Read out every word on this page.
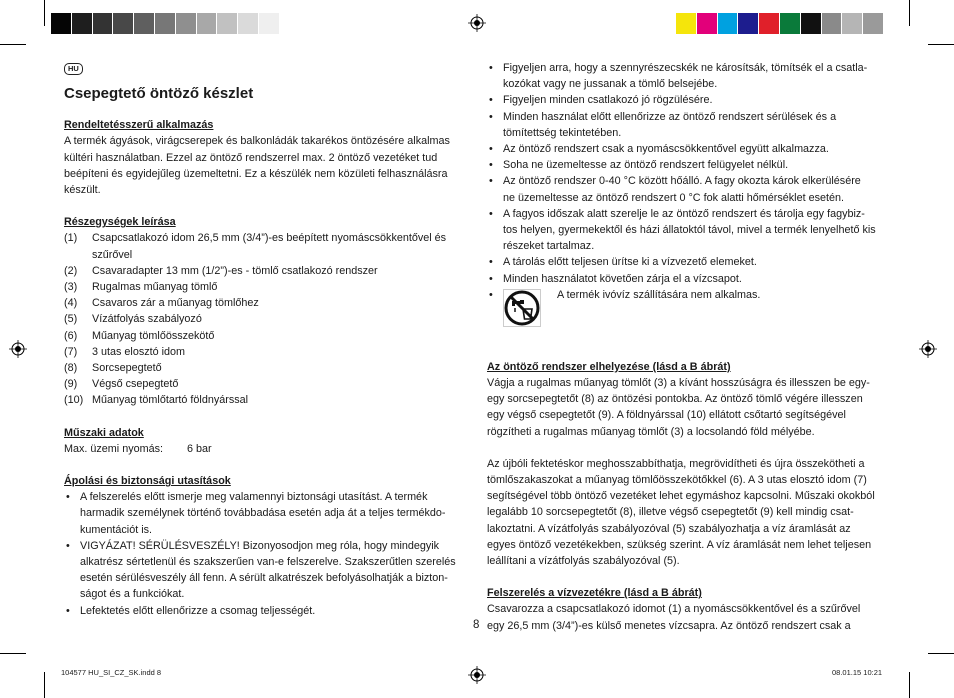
HU
Csepegtető öntöző készlet
Rendeltetésszerű alkalmazás
A termék ágyások, virágcserepek és balkonládák takarékos öntözésére alkalmas
kültéri használatban. Ezzel az öntöző rendszerrel max. 2 öntöző vezetéket tud
beépíteni és egyidejűleg üzemeltetni. Ez a készülék nem közületi felhasználásra
készült.
Részegységek leírása
(1)	Csapcsatlakozó idom 26,5 mm (3/4”)-es beépített nyomáscsökkentővel és
szűrővel
(2)	Csavaradapter 13 mm (1/2”)-es - tömlő csatlakozó rendszer
(3)	Rugalmas műanyag tömlő
(4)	Csavaros zár a műanyag tömlőhez
(5)	Vízátfolyás szabályozó
(6)	Műanyag tömlőösszekötő
(7)	3 utas elosztó idom
(8)	Sorcsepegtető
(9)	Végső csepegtető
(10) Műanyag tömlőtartó földnyárssal
Műszaki adatok
Max. üzemi nyomás:	6 bar
Ápolási és biztonsági utasítások
• A felszerelés előtt ismerje meg valamennyi biztonsági utasítást. A termék
harmadik személynek történő továbbadása esetén adja át a teljes termékdo-
kumentációt is.
• VIGYÁZAT! SÉRÜLÉSVESZÉLY! Bizonyosodjon meg róla, hogy mindegyik
alkatrész sértetlenül és szakszerűen van-e felszerelve. Szakszerűtlen szerelés
esetén sérülésveszély áll fenn. A sérült alkatrészek befolyásolhatják a bizton-
ságot és a funkciókat.
• Lefektetés előtt ellenőrizze a csomag teljességét.
• Figyeljen arra, hogy a szennyrészecskék ne károsítsák, tömítsék el a csatla-
kozókat vagy ne jussanak a tömlő belsejébe.
• Figyeljen minden csatlakozó jó rögzülésére.
• Minden használat előtt ellenőrizze az öntöző rendszert sérülések és a
tömítettség tekintetében.
• Az öntöző rendszert csak a nyomáscsökkentővel együtt alkalmazza.
• Soha ne üzemeltesse az öntöző rendszert felügyelet nélkül.
• Az öntöző rendszer 0-40 °C között hőálló. A fagy okozta károk elkerülésére
ne üzemeltesse az öntöző rendszert 0 °C fok alatti hőmérséklet esetén.
• A fagyos időszak alatt szerelje le az öntöző rendszert és tárolja egy fagybiz-
tos helyen, gyermekektől és házi állatoktól távol, mivel a termék lenyelhető kis
részeket tartalmaz.
• A tárolás előtt teljesen ürítse ki a vízvezető elemeket.
• Minden használatot követően zárja el a vízcsapot.
• A termék ivóvíz szállítására nem alkalmas.
Az öntöző rendszer elhelyezése (lásd a B ábrát)
Vágja a rugalmas műanyag tömlőt (3) a kívánt hosszúságra és illesszen be egy-
egy sorcsepegtetőt (8) az öntözési pontokba. Az öntöző tömlő végére illesszen
egy végső csepegtetőt (9). A földnyárssal (10) ellátott csőtartó segítségével
rögzítheti a rugalmas műanyag tömlőt (3) a locsolandó föld mélyébe.
Az újbóli fektetéskor meghosszabbíthatja, megrövidítheti és újra összekötheti a
tömlőszakaszokat a műanyag tömlőösszekötőkkel (6). A 3 utas elosztó idom (7)
segítségével több öntöző vezetéket lehet egymáshoz kapcsolni. Műszaki okokból
legalább 10 sorcsepegtetőt (8), illetve végső csepegtetőt (9) kell mindig csat-
lakoztatni. A vízátfolyás szabályozóval (5) szabályozhatja a víz áramlását az
egyes öntöző vezetékekben, szükség szerint. A víz áramlását nem lehet teljesen
leállítani a vízátfolyás szabályozóval (5).
Felszerelés a vízvezetékre (lásd a B ábrát)
Csavarozza a csapcsatlakozó idomot (1) a nyomáscsökkentővel és a szűrővel
egy 26,5 mm (3/4”)-es külső menetes vízcsapra. Az öntöző rendszert csak a
8
104577 HU_SI_CZ_SK.indd 8	08.01.15 10:21
